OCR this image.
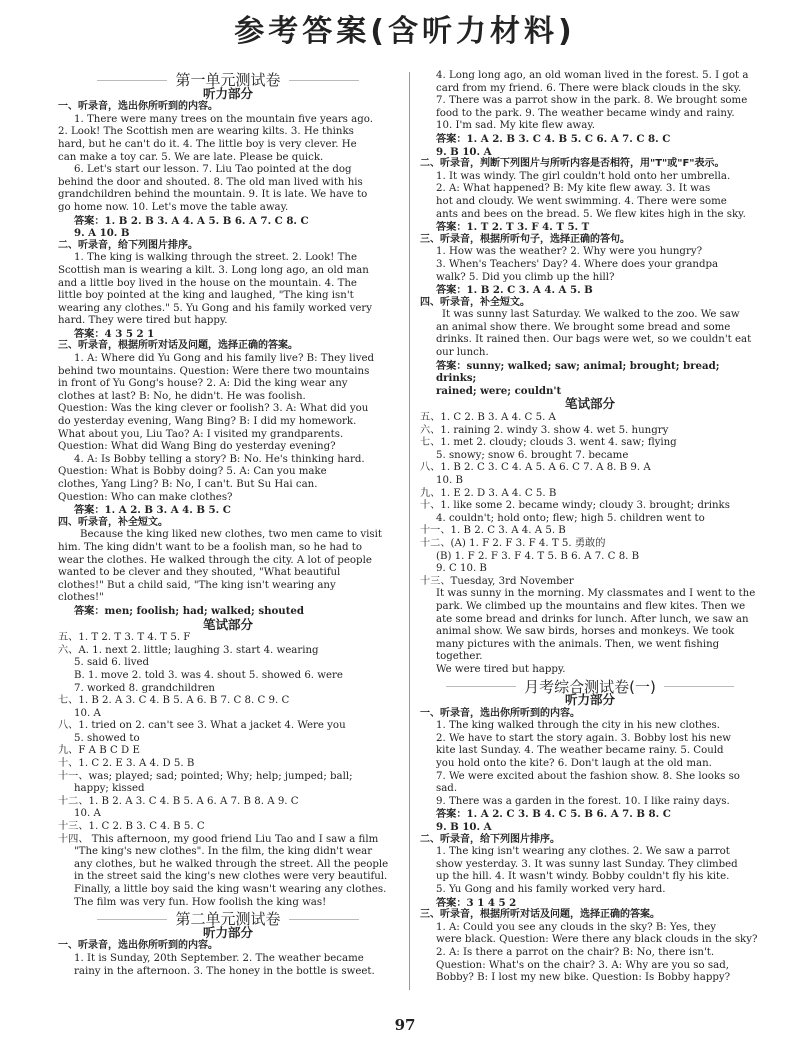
参考答案(含听力材料)
第一单元测试卷
听力部分
一、听录音，选出你所听到的内容。
1. There were many trees on the mountain five years ago.
2. Look! The Scottish men are wearing kilts. 3. He thinks
hard, but he can't do it. 4. The little boy is very clever. He
can make a toy car. 5. We are late. Please be quick.
6. Let's start our lesson. 7. Liu Tao pointed at the dog
behind the door and shouted. 8. The old man lived with his
grandchildren behind the mountain. 9. It is late. We have to
go home now. 10. Let's move the table away.
答案：1. B 2. B 3. A 4. A 5. B 6. A 7. C 8. C
9. A 10. B
二、听录音，给下列图片排序。
1. The king is walking through the street. 2. Look! The
Scottish man is wearing a kilt. 3. Long long ago, an old man
and a little boy lived in the house on the mountain. 4. The
little boy pointed at the king and laughed, "The king isn't
wearing any clothes." 5. Yu Gong and his family worked very
hard. They were tired but happy.
答案：4 3 5 2 1
三、听录音，根据所听对话及问题，选择正确的答案。
1. A: Where did Yu Gong and his family live? B: They lived
behind two mountains. Question: Were there two mountains
in front of Yu Gong's house? 2. A: Did the king wear any
clothes at last? B: No, he didn't. He was foolish.
Question: Was the king clever or foolish? 3. A: What did you
do yesterday evening, Wang Bing? B: I did my homework.
What about you, Liu Tao? A: I visited my grandparents.
Question: What did Wang Bing do yesterday evening?
4. A: Is Bobby telling a story? B: No. He's thinking hard.
Question: What is Bobby doing? 5. A: Can you make
clothes, Yang Ling? B: No, I can't. But Su Hai can.
Question: Who can make clothes?
答案：1. A 2. B 3. A 4. B 5. C
四、听录音，补全短文。
Because the king liked new clothes, two men came to visit
him. The king didn't want to be a foolish man, so he had to
wear the clothes. He walked through the city. A lot of people
wanted to be clever and they shouted, "What beautiful
clothes!" But a child said, "The king isn't wearing any
clothes!"
答案：men; foolish; had; walked; shouted
笔试部分
五、1. T 2. T 3. T 4. T 5. F
六、A. 1. next 2. little; laughing 3. start 4. wearing
5. said 6. lived
B. 1. move 2. told 3. was 4. shout 5. showed 6. were
7. worked 8. grandchildren
七、1. B 2. A 3. C 4. B 5. A 6. B 7. C 8. C 9. C
10. A
八、1. tried on 2. can't see 3. What a jacket 4. Were you
5. showed to
九、F A B C D E
十、1. C 2. E 3. A 4. D 5. B
十一、was; played; sad; pointed; Why; help; jumped; ball;
happy; kissed
十二、1. B 2. A 3. C 4. B 5. A 6. A 7. B 8. A 9. C
10. A
十三、1. C 2. B 3. C 4. B 5. C
十四、 This afternoon, my good friend Liu Tao and I saw a film
"The king's new clothes". In the film, the king didn't wear
any clothes, but he walked through the street. All the people
in the street said the king's new clothes were very beautiful.
Finally, a little boy said the king wasn't wearing any clothes.
The film was very fun. How foolish the king was!
第二单元测试卷
听力部分
一、听录音，选出你所听到的内容。
1. It is Sunday, 20th September. 2. The weather became
rainy in the afternoon. 3. The honey in the bottle is sweet.
4. Long long ago, an old woman lived in the forest. 5. I got a
card from my friend. 6. There were black clouds in the sky.
7. There was a parrot show in the park. 8. We brought some
food to the park. 9. The weather became windy and rainy.
10. I'm sad. My kite flew away.
答案：1. A 2. B 3. C 4. B 5. C 6. A 7. C 8. C
9. B 10. A
二、听录音，判断下列图片与所听内容是否相符，用"T"或"F"表示。
1. It was windy. The girl couldn't hold onto her umbrella.
2. A: What happened? B: My kite flew away. 3. It was
hot and cloudy. We went swimming. 4. There were some
ants and bees on the bread. 5. We flew kites high in the sky.
答案：1. T 2. T 3. F 4. T 5. T
三、听录音，根据所听句子，选择正确的答句。
1. How was the weather? 2. Why were you hungry?
3. When's Teachers' Day? 4. Where does your grandpa
walk? 5. Did you climb up the hill?
答案：1. B 2. C 3. A 4. A 5. B
四、听录音，补全短文。
It was sunny last Saturday. We walked to the zoo. We saw
an animal show there. We brought some bread and some
drinks. It rained then. Our bags were wet, so we couldn't eat
our lunch.
答案：sunny; walked; saw; animal; brought; bread; drinks;
rained; were; couldn't
笔试部分
五、1. C 2. B 3. A 4. C 5. A
六、1. raining 2. windy 3. show 4. wet 5. hungry
七、1. met 2. cloudy; clouds 3. went 4. saw; flying
5. snowy; snow 6. brought 7. became
八、1. B 2. C 3. C 4. A 5. A 6. C 7. A 8. B 9. A
10. B
九、1. E 2. D 3. A 4. C 5. B
十、1. like some 2. became windy; cloudy 3. brought; drinks
4. couldn't; hold onto; flew; high 5. children went to
十一、1. B 2. C 3. A 4. A 5. B
十二、(A) 1. F 2. F 3. F 4. T 5. 勇敢的
(B) 1. F 2. F 3. F 4. T 5. B 6. A 7. C 8. B
9. C 10. B
十三、Tuesday, 3rd November
It was sunny in the morning. My classmates and I went to the
park. We climbed up the mountains and flew kites. Then we
ate some bread and drinks for lunch. After lunch, we saw an
animal show. We saw birds, horses and monkeys. We took
many pictures with the animals. Then, we went fishing
together.
We were tired but happy.
月考综合测试卷(一)
听力部分
一、听录音，选出你所听到的内容。
1. The king walked through the city in his new clothes.
2. We have to start the story again. 3. Bobby lost his new
kite last Sunday. 4. The weather became rainy. 5. Could
you hold onto the kite? 6. Don't laugh at the old man.
7. We were excited about the fashion show. 8. She looks so sad.
9. There was a garden in the forest. 10. I like rainy days.
答案：1. A 2. C 3. B 4. C 5. B 6. A 7. B 8. C
9. B 10. A
二、听录音，给下列图片排序。
1. The king isn't wearing any clothes. 2. We saw a parrot
show yesterday. 3. It was sunny last Sunday. They climbed
up the hill. 4. It wasn't windy. Bobby couldn't fly his kite.
5. Yu Gong and his family worked very hard.
答案：3 1 4 5 2
三、听录音，根据所听对话及问题，选择正确的答案。
1. A: Could you see any clouds in the sky? B: Yes, they
were black. Question: Were there any black clouds in the sky?
2. A: Is there a parrot on the chair? B: No, there isn't.
Question: What's on the chair? 3. A: Why are you so sad,
Bobby? B: I lost my new bike. Question: Is Bobby happy?
97
